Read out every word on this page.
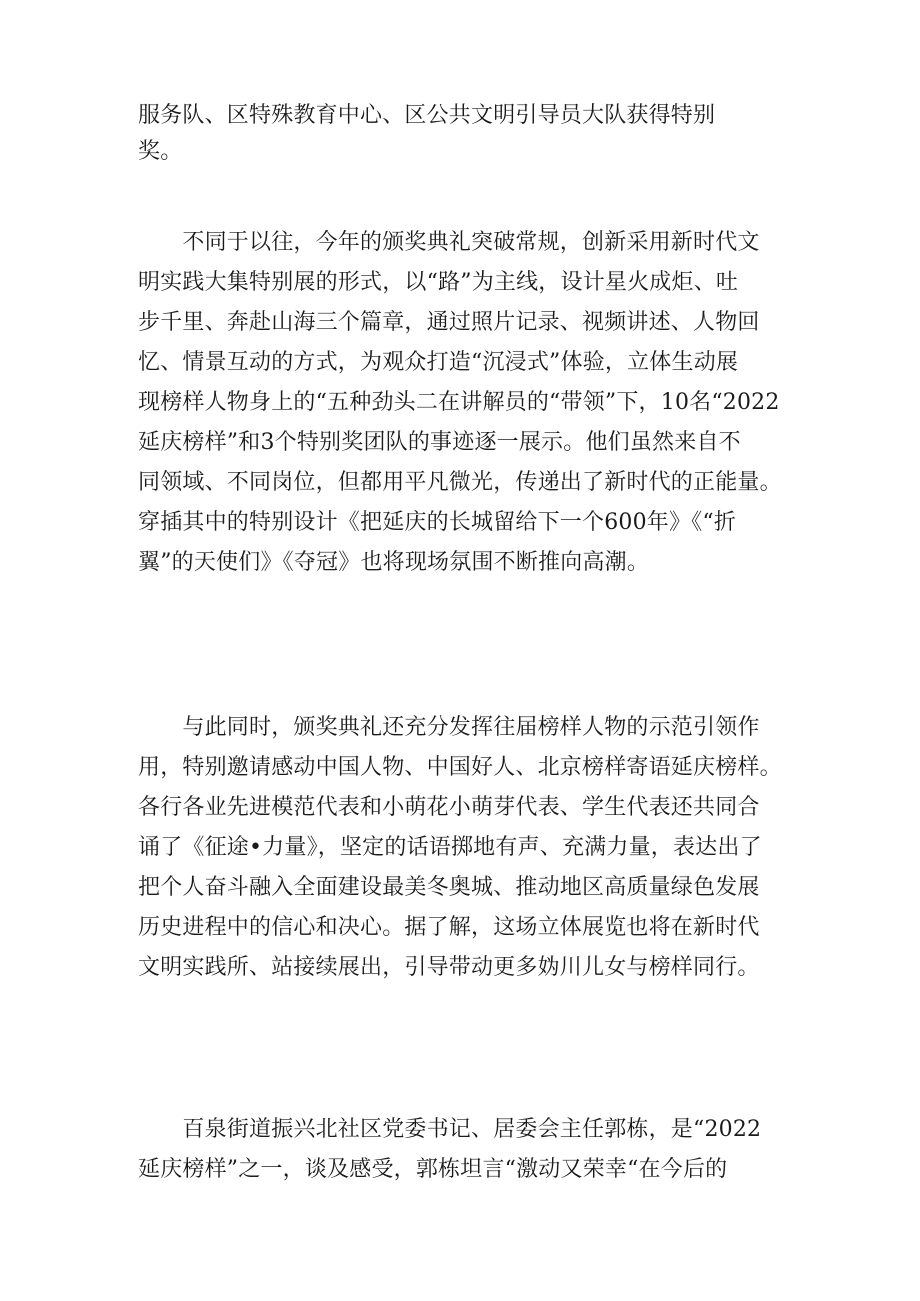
服务队、区特殊教育中心、区公共文明引导员大队获得特别
奖。

　　不同于以往，今年的颁奖典礼突破常规，创新采用新时代文
明实践大集特别展的形式，以“路”为主线，设计星火成炬、吐
步千里、奔赴山海三个篇章，通过照片记录、视频讲述、人物回
忆、情景互动的方式，为观众打造“沉浸式”体验，立体生动展
现榜样人物身上的“五种劲头二在讲解员的“带领”下，10名“2022
延庆榜样”和3个特别奖团队的事迹逐一展示。他们虽然来自不
同领域、不同岗位，但都用平凡微光，传递出了新时代的正能量。
穿插其中的特别设计《把延庆的长城留给下一个600年》《“折
翼”的天使们》《夺冠》也将现场氛围不断推向高潮。

　　与此同时，颁奖典礼还充分发挥往届榜样人物的示范引领作
用，特别邀请感动中国人物、中国好人、北京榜样寄语延庆榜样。
各行各业先进模范代表和小萌花小萌芽代表、学生代表还共同合
诵了《征途•力量》，坚定的话语掷地有声、充满力量，表达出了
把个人奋斗融入全面建设最美冬奥城、推动地区高质量绿色发展
历史进程中的信心和决心。据了解，这场立体展览也将在新时代
文明实践所、站接续展出，引导带动更多妫川儿女与榜样同行。

　　百泉街道振兴北社区党委书记、居委会主任郭栋，是“2022
延庆榜样”之一，谈及感受，郭栋坦言“激动又荣幸“在今后的
